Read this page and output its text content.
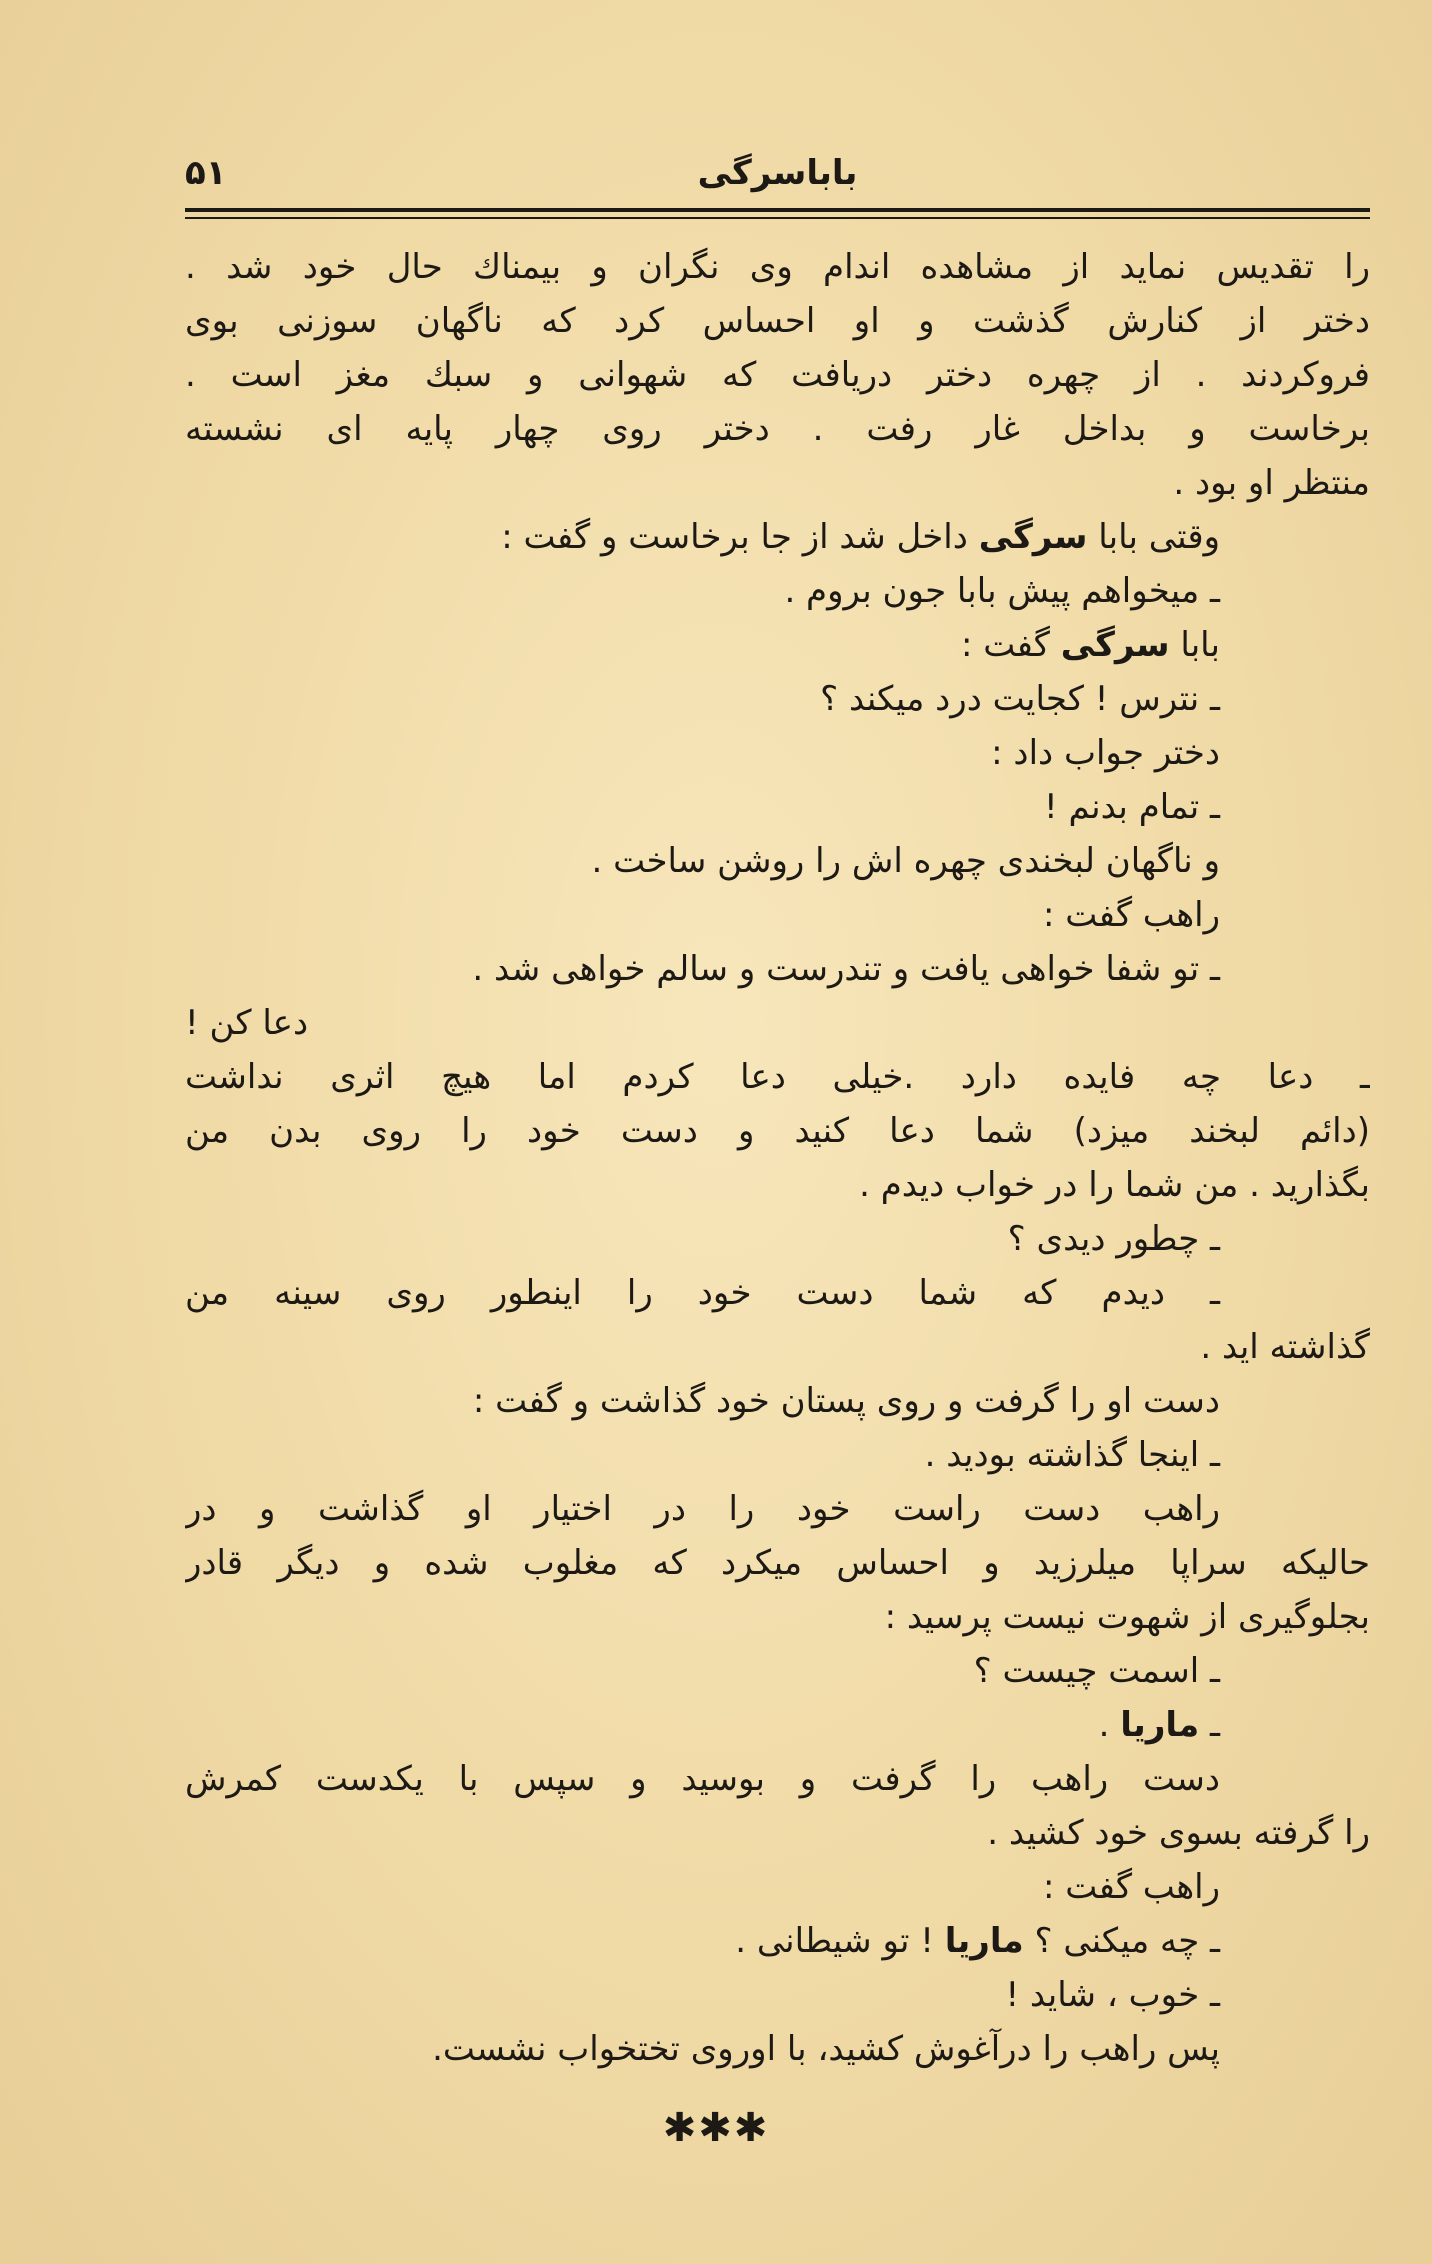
باباسرگی
۵۱
را تقدیس نماید از مشاهده اندام وی نگران و بیمناك حال خود شد .
دختر از کنارش گذشت و او احساس کرد که ناگهان سوزنی بوی
فروکردند . از چهره دختر دریافت که شهوانی و سبك مغز است .
برخاست و بداخل غار رفت . دختر روی چهار پایه ای نشسته
منتظر او بود .
وقتی بابا سرگی داخل شد از جا برخاست و گفت :
ـ میخواهم پیش بابا جون بروم .
بابا سرگی گفت :
ـ نترس ! کجایت درد میکند ؟
دختر جواب داد :
ـ تمام بدنم !
و ناگهان لبخندی چهره اش را روشن ساخت .
راهب گفت :
ـ تو شفا خواهی یافت و تندرست و سالم خواهی شد .
دعا کن !
ـ دعا چه فایده دارد .خیلی دعا کردم اما هیچ اثری نداشت
(دائم لبخند میزد) شما دعا کنید و دست خود را روی بدن من
بگذارید . من شما را در خواب دیدم .
ـ چطور دیدی ؟
ـ دیدم که شما دست خود را اینطور روی سینه من
گذاشته اید .
دست او را گرفت و روی پستان خود گذاشت و گفت :
ـ اینجا گذاشته بودید .
راهب دست راست خود را در اختیار او گذاشت و در
حالیکه سراپا میلرزید و احساس میکرد که مغلوب شده و دیگر قادر
بجلوگیری از شهوت نیست پرسید :
ـ اسمت چیست ؟
ـ ماریا .
دست راهب را گرفت و بوسید و سپس با یکدست کمرش
را گرفته بسوی خود کشید .
راهب گفت :
ـ چه میکنی ؟ ماریا ! تو شیطانی .
ـ خوب ، شاید !
پس راهب را درآغوش کشید، با اوروی تختخواب نشست.
✱✱✱
